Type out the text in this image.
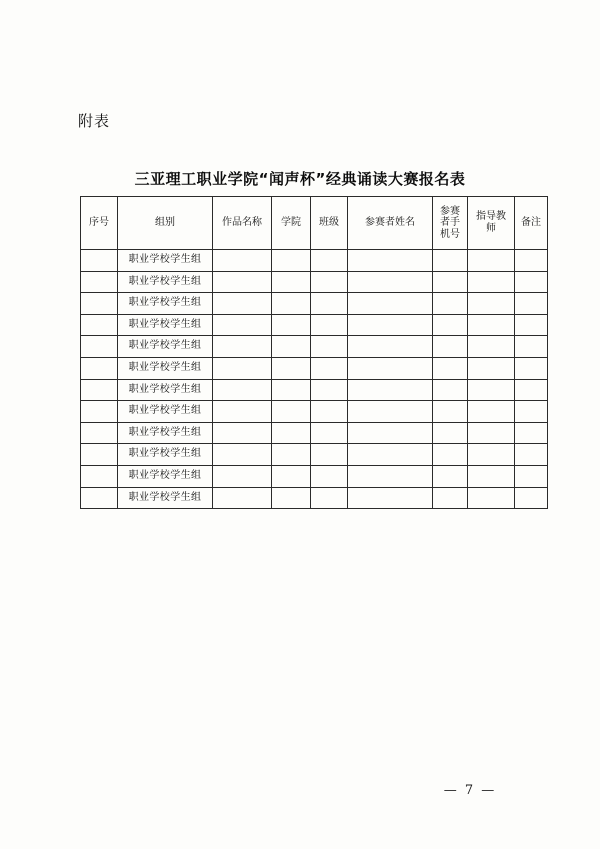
附表
三亚理工职业学院“闻声杯”经典诵读大赛报名表
序号	组别	作品名称	学院	班级	参赛者姓名	参赛者手机号	指导教师	备注
	职业学校学生组							
	职业学校学生组							
	职业学校学生组							
	职业学校学生组							
	职业学校学生组							
	职业学校学生组							
	职业学校学生组							
	职业学校学生组							
	职业学校学生组							
	职业学校学生组							
	职业学校学生组							
	职业学校学生组							
— 7 —
